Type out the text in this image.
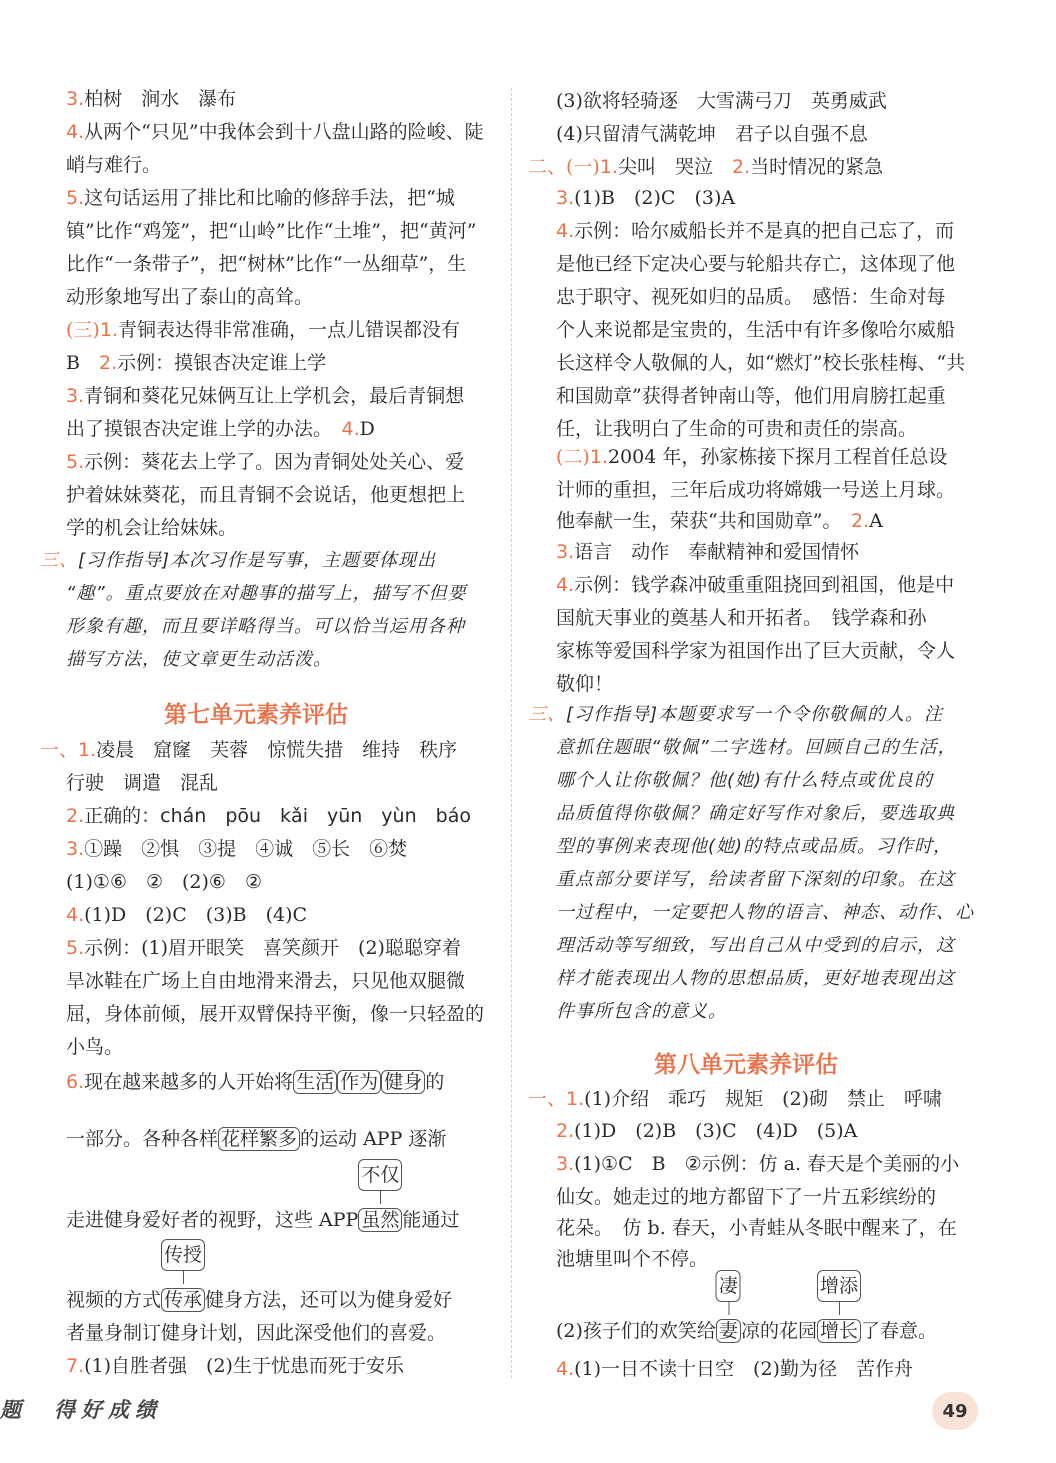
3.柏树　涧水　瀑布
4.从两个“只见”中我体会到十八盘山路的险峻、陡
峭与难行。
5.这句话运用了排比和比喻的修辞手法，把“城
镇”比作“鸡笼”，把“山岭”比作“土堆”，把“黄河”
比作“一条带子”，把“树林”比作“一丛细草”，生
动形象地写出了泰山的高耸。
(三)1.青铜表达得非常准确，一点儿错误都没有
B　 2.示例：摸银杏决定谁上学
3.青铜和葵花兄妹俩互让上学机会，最后青铜想
出了摸银杏决定谁上学的办法。　 4.D
5.示例：葵花去上学了。因为青铜处处关心、爱
护着妹妹葵花，而且青铜不会说话，他更想把上
学的机会让给妹妹。
三、[习作指导]本次习作是写事，主题要体现出
“趣”。重点要放在对趣事的描写上，描写不但要
形象有趣，而且要详略得当。可以恰当运用各种
描写方法，使文章更生动活泼。
第七单元素养评估
一、1.凌晨　窟窿　芙蓉　惊慌失措　维持　秩序
行驶　调遣　混乱
2.正确的：chán　pōu　kǎi　yūn　yùn　báo
3.①躁　②惧　③提　④诚　⑤长　⑥焚
(1)①⑥　②　(2)⑥　②
4.(1)D　(2)C　(3)B　(4)C
5.示例：(1)眉开眼笑　喜笑颜开　(2)聪聪穿着
旱冰鞋在广场上自由地滑来滑去，只见他双腿微
屈，身体前倾，展开双臂保持平衡，像一只轻盈的
小鸟。
6.现在越来越多的人开始将 生活 作为 健身 的
一部分。各种各样 花样繁多 的运动 APP 逐渐
走进健身爱好者的视野，这些 APP 虽然
不仅
能通过
视频的方式 传承
传授
健身方法，还可以为健身爱好
者量身制订健身计划，因此深受他们的喜爱。
7.(1)自胜者强　(2)生于忧患而死于安乐
(3)欲将轻骑逐　大雪满弓刀　英勇威武
(4)只留清气满乾坤　君子以自强不息
二、(一)1.尖叫　哭泣　 2.当时情况的紧急
3.(1)B　(2)C　(3)A
4.示例：哈尔威船长并不是真的把自己忘了，而
是他已经下定决心要与轮船共存亡，这体现了他
忠于职守、视死如归的品质。　感悟：生命对每
个人来说都是宝贵的，生活中有许多像哈尔威船
长这样令人敬佩的人，如“燃灯”校长张桂梅、“共
和国勋章”获得者钟南山等，他们用肩膀扛起重
任，让我明白了生命的可贵和责任的崇高。
(二)1.2004 年，孙家栋接下探月工程首任总设
计师的重担，三年后成功将嫦娥一号送上月球。
他奉献一生，荣获“共和国勋章”。　 2.A
3.语言　动作　奉献精神和爱国情怀
4.示例：钱学森冲破重重阻挠回到祖国，他是中
国航天事业的奠基人和开拓者。　钱学森和孙
家栋等爱国科学家为祖国作出了巨大贡献，令人
敬仰！
三、[习作指导]本题要求写一个令你敬佩的人。注
意抓住题眼“敬佩”二字选材。回顾自己的生活，
哪个人让你敬佩？他(她)有什么特点或优良的
品质值得你敬佩？确定好写作对象后，要选取典
型的事例来表现他(她)的特点或品质。习作时，
重点部分要详写，给读者留下深刻的印象。在这
一过程中，一定要把人物的语言、神态、动作、心
理活动等写细致，写出自己从中受到的启示，这
样才能表现出人物的思想品质，更好地表现出这
件事所包含的意义。
第八单元素养评估
一、1.(1)介绍　乖巧　规矩　(2)砌　禁止　呼啸
2.(1)D　(2)B　(3)C　(4)D　(5)A
3.(1)①C　B　②示例：仿 a. 春天是个美丽的小
仙女。她走过的地方都留下了一片五彩缤纷的
花朵。　仿 b. 春天，小青蛙从冬眠中醒来了，在
池塘里叫个不停。
(2)孩子们的欢笑给 妻
凄
凉的花园 增长
增添
了春意。
4.(1)一日不读十日空　(2)勤为径　苦作舟
题　得好成绩	49
